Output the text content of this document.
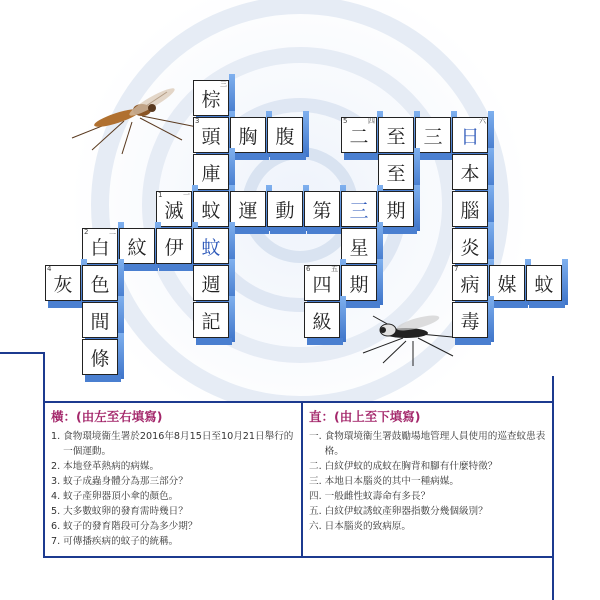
棕
三
頭
3
胸 腹	二
5	四
至 三 日
六
庫	至	本
滅
1	一
蚊 運 動 第 三 期	腦
白
2	二
紋 伊 蚊	星	炎
灰
4
色	週	四
6	五
期	病
7
媒 蚊
間	記	級	毒
條
橫：(由左至右填寫)
1. 食物環境衞生署於2016年8月15日至10月21日舉行的一個運動。
2. 本地登革熱病的病媒。
3. 蚊子成蟲身體分為那三部分？
4. 蚊子產卵器頂小傘的顏色。
5. 大多數蚊卵的發育需時幾日？
6. 蚊子的發育階段可分為多少期？
7. 可傳播疾病的蚊子的統稱。
直：(由上至下填寫)
一. 食物環境衞生署鼓勵場地管理人員使用的巡查蚊患表格。
二. 白紋伊蚊的成蚊在胸背和腳有什麼特徵？
三. 本地日本腦炎的其中一種病媒。
四. 一般雌性蚊壽命有多長？
五. 白紋伊蚊誘蚊產卵器指數分幾個級別？
六. 日本腦炎的致病原。
